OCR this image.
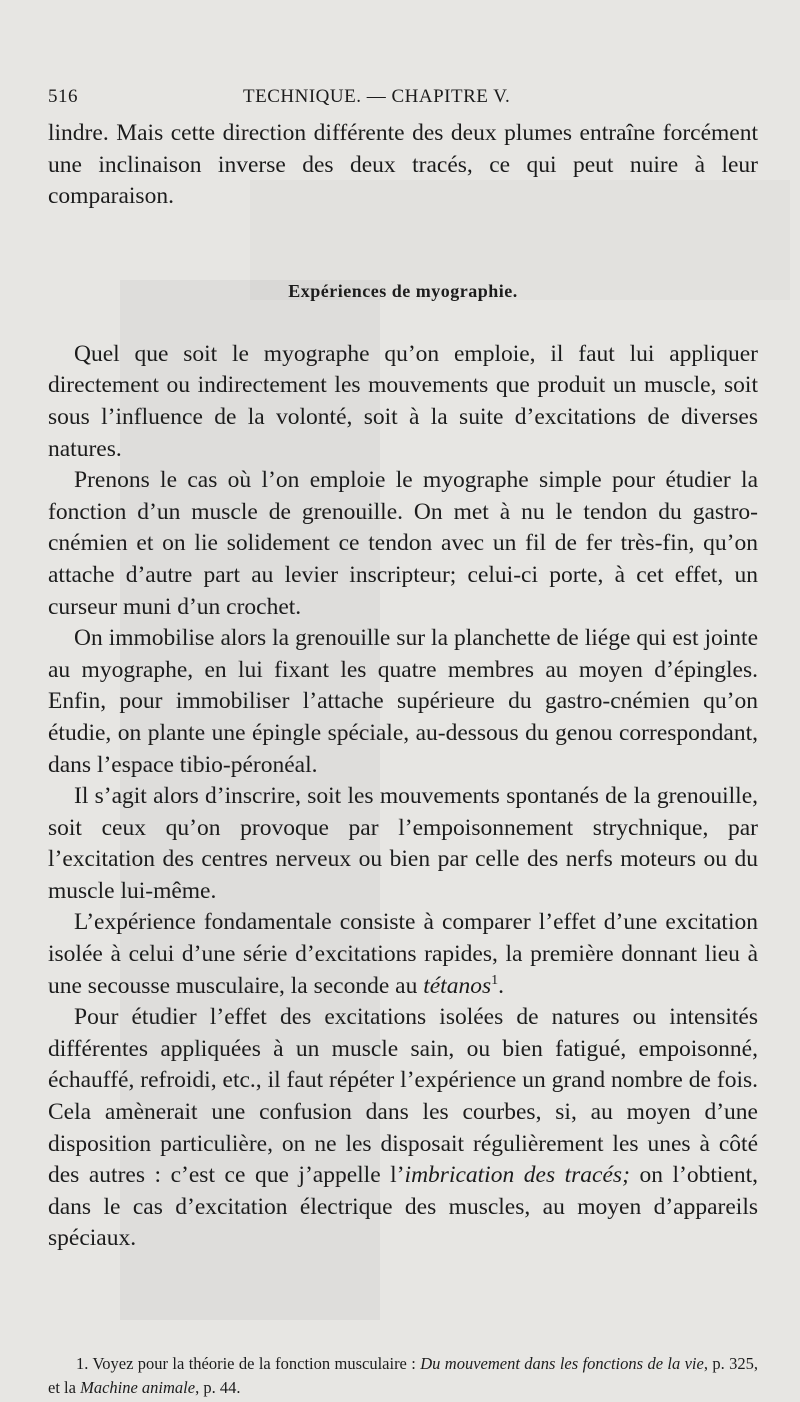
516	TECHNIQUE. — CHAPITRE V.

lindre. Mais cette direction différente des deux plumes entraîne forcément une inclinaison inverse des deux tracés, ce qui peut nuire à leur comparaison.

Expériences de myographie.

Quel que soit le myographe qu’on emploie, il faut lui appliquer directement ou indirectement les mouvements que produit un muscle, soit sous l’influence de la volonté, soit à la suite d’excitations de diverses natures.

Prenons le cas où l’on emploie le myographe simple pour étudier la fonction d’un muscle de grenouille. On met à nu le tendon du gastro-cnémien et on lie solidement ce tendon avec un fil de fer très-fin, qu’on attache d’autre part au levier inscripteur; celui-ci porte, à cet effet, un curseur muni d’un crochet.

On immobilise alors la grenouille sur la planchette de liége qui est jointe au myographe, en lui fixant les quatre membres au moyen d’épingles. Enfin, pour immobiliser l’attache supérieure du gastro-cnémien qu’on étudie, on plante une épingle spéciale, au-dessous du genou correspondant, dans l’espace tibio-péronéal.

Il s’agit alors d’inscrire, soit les mouvements spontanés de la grenouille, soit ceux qu’on provoque par l’empoisonnement strychnique, par l’excitation des centres nerveux ou bien par celle des nerfs moteurs ou du muscle lui-même.

L’expérience fondamentale consiste à comparer l’effet d’une excitation isolée à celui d’une série d’excitations rapides, la première donnant lieu à une secousse musculaire, la seconde au tétanos$^1$.

Pour étudier l’effet des excitations isolées de natures ou intensités différentes appliquées à un muscle sain, ou bien fatigué, empoisonné, échauffé, refroidi, etc., il faut répéter l’expérience un grand nombre de fois. Cela amènerait une confusion dans les courbes, si, au moyen d’une disposition particulière, on ne les disposait régulièrement les unes à côté des autres : c’est ce que j’appelle l’imbrication des tracés; on l’obtient, dans le cas d’excitation électrique des muscles, au moyen d’appareils spéciaux.

1. Voyez pour la théorie de la fonction musculaire : Du mouvement dans les fonctions de la vie, p. 325, et la Machine animale, p. 44.
